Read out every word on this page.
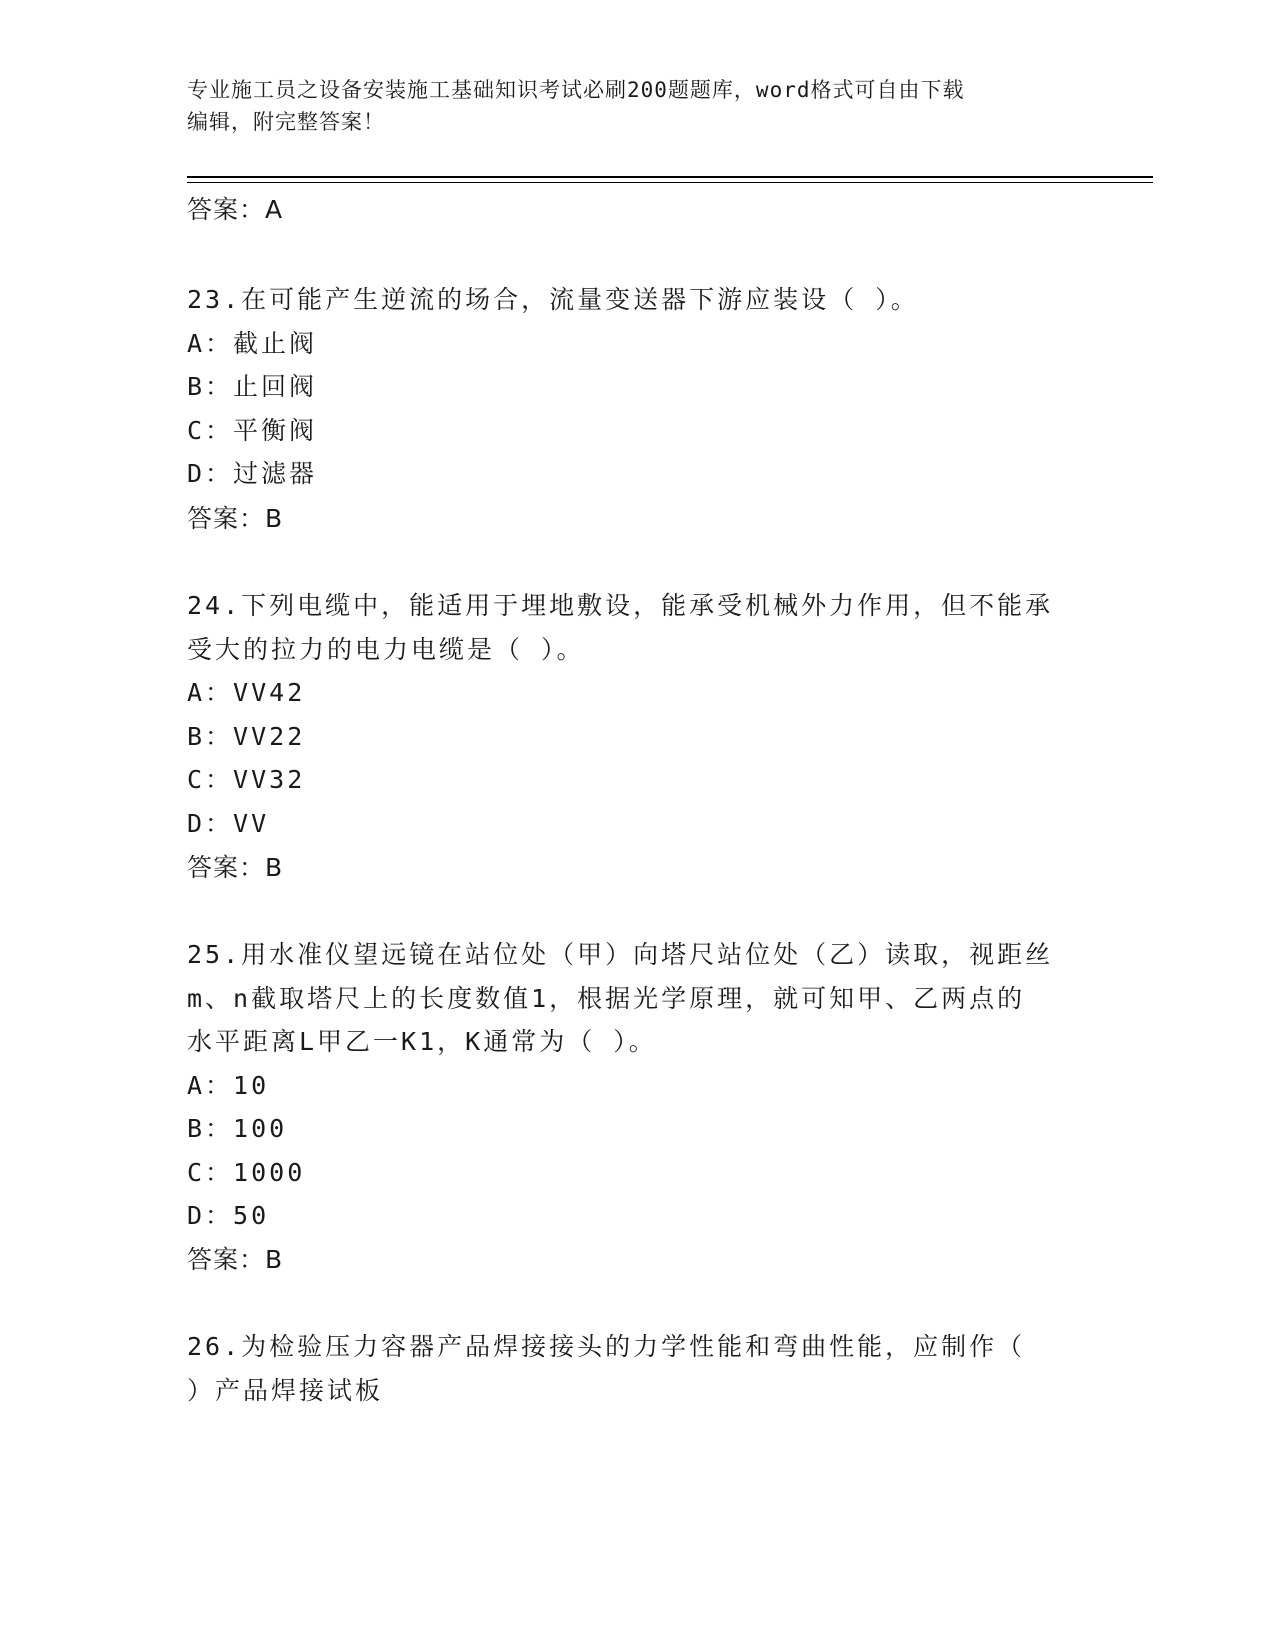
专业施工员之设备安装施工基础知识考试必刷200题题库，word格式可自由下载
编辑，附完整答案！
答案：A
23.在可能产生逆流的场合，流量变送器下游应装设（ ）。
A：截止阀
B：止回阀
C：平衡阀
D：过滤器
答案：B
24.下列电缆中，能适用于埋地敷设，能承受机械外力作用，但不能承
受大的拉力的电力电缆是（ ）。
A：VV42
B：VV22
C：VV32
D：VV
答案：B
25.用水准仪望远镜在站位处（甲）向塔尺站位处（乙）读取，视距丝
m、n截取塔尺上的长度数值1，根据光学原理，就可知甲、乙两点的
水平距离L甲乙一K1，K通常为（ ）。
A：10
B：100
C：1000
D：50
答案：B
26.为检验压力容器产品焊接接头的力学性能和弯曲性能，应制作（
）产品焊接试板
